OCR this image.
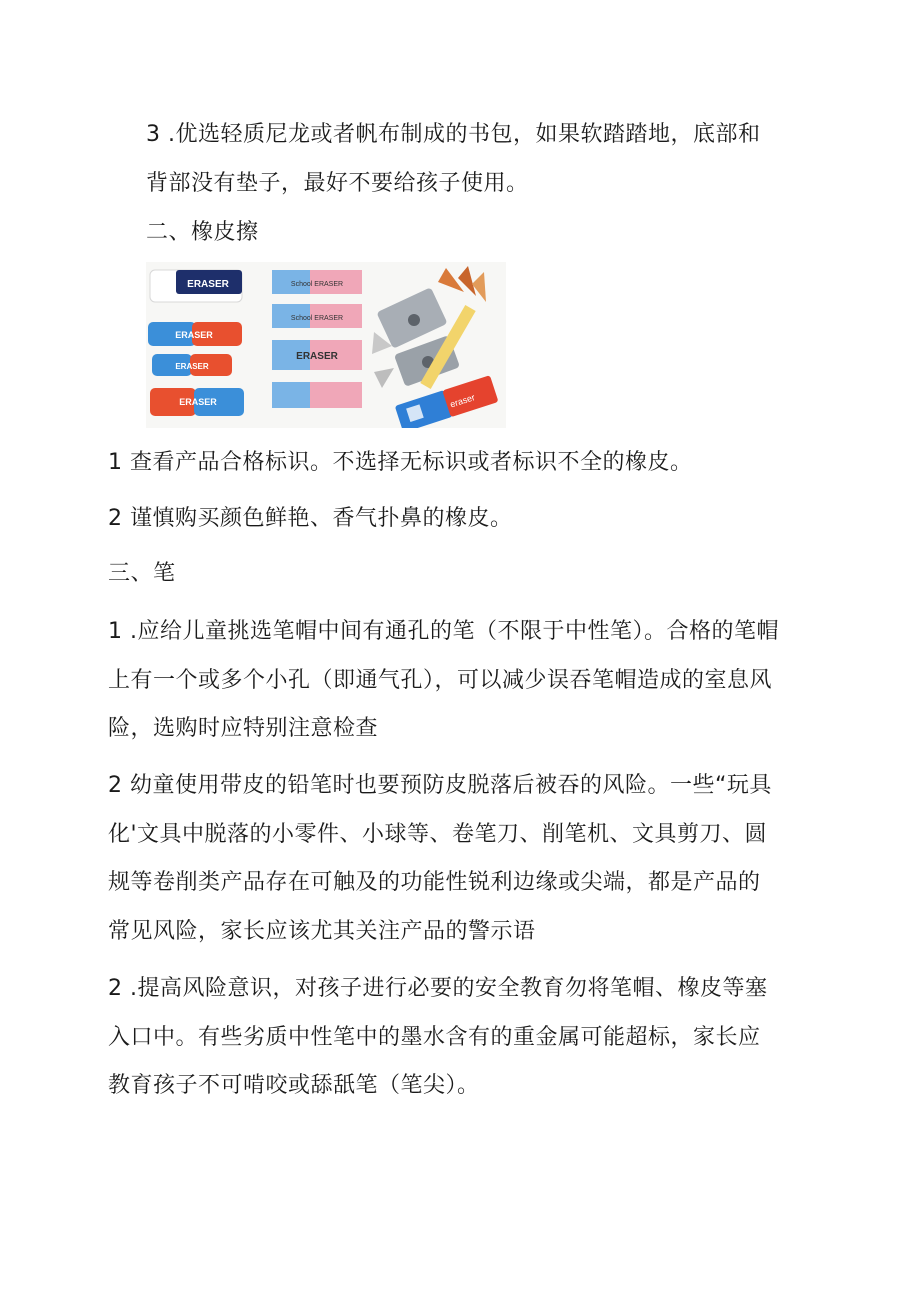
3 .优选轻质尼龙或者帆布制成的书包，如果软踏踏地，底部和
背部没有垫子，最好不要给孩子使用。
二、橡皮擦
ERASER
ERASER
ERASER
ERASER
School ERASER
School ERASER
ERASER
eraser
1 查看产品合格标识。不选择无标识或者标识不全的橡皮。
2 谨慎购买颜色鲜艳、香气扑鼻的橡皮。
三、笔
1 .应给儿童挑选笔帽中间有通孔的笔（不限于中性笔）。合格的笔帽
上有一个或多个小孔（即通气孔），可以减少误吞笔帽造成的室息风
险，选购时应特别注意检查
2 幼童使用带皮的铅笔时也要预防皮脱落后被吞的风险。一些“玩具
化'文具中脱落的小零件、小球等、卷笔刀、削笔机、文具剪刀、圆
规等卷削类产品存在可触及的功能性锐利边缘或尖端，都是产品的
常见风险，家长应该尤其关注产品的警示语
2 .提高风险意识，对孩子进行必要的安全教育勿将笔帽、橡皮等塞
入口中。有些劣质中性笔中的墨水含有的重金属可能超标，家长应
教育孩子不可啃咬或舔舐笔（笔尖）。
